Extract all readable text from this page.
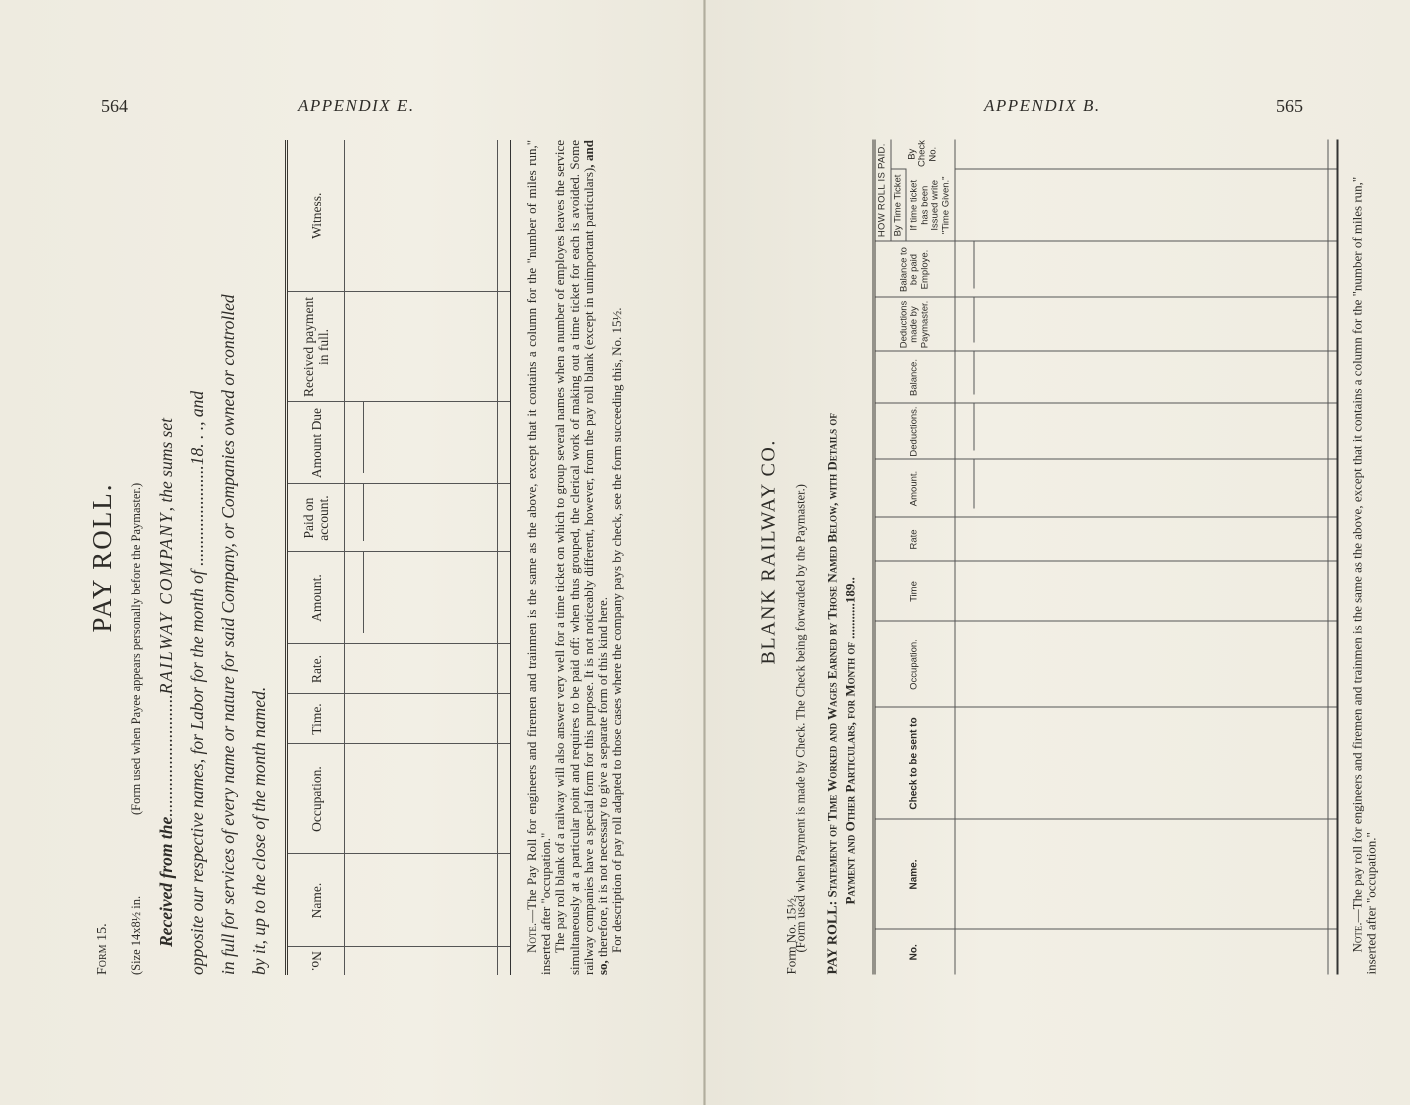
564	APPENDIX E.	APPENDIX B.	565
Form 15.
PAY ROLL.
(Size 14x8½ in.
(Form used when Payee appears personally before the Paymaster.)
Received from the............................RAILWAY COMPANY, the sums set
opposite our respective names, for Labor for the month of .......................18. . ., and in full for services of every name or nature for said Company, or Companies owned or controlled by it, up to the close of the month named.	No.	Name.	Occupation.	Time.	Rate.	Amount.	Paid on account.	Amount Due	Received payment in full.	Witness.

Note.—The Pay Roll for engineers and firemen and trainmen is the same as the above, except that it contains a column for the "number of miles run," inserted after "occupation." The pay roll blank of a railway will also answer very well for a time ticket on which to group several names when a number of employes leaves the service simultaneously at a particular point and requires to be paid off: when thus grouped, the clerical work of making out a time ticket for each is avoided. Some railway companies have a special form for this purpose. It is not noticeably different, however, from the pay roll blank (except in unimportant particulars), and so, therefore, it is not necessary to give a separate form of this kind here. For description of pay roll adapted to those cases where the company pays by check, see the form succeeding this, No. 15½.	Form No. 15½.
BLANK RAILWAY CO. (Form used when Payment is made by Check. The Check being forwarded by the Paymaster.) PAY ROLL: Statement of Time Worked and Wages Earned by Those Named Below, with Details of Payment and Other Particulars, for Month of ...........189..
No.	Name.	Check to be sent to	Occupation.	Time	Rate	Amount.	Deductions.	Balance.	Deductions made by Paymaster.	Balance to be paid Employe.	HOW ROLL IS PAID.	
											By Time Ticket	By Check No.
											If time ticket has been Issued write "Time Given."	

Note.—The pay roll for engineers and firemen and trainmen is the same as the above, except that it contains a column for the "number of miles run," inserted after "occupation."
